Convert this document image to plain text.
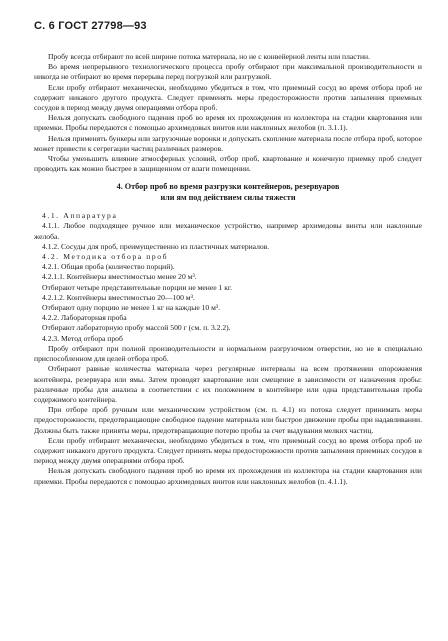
С. 6 ГОСТ 27798—93

Пробу всегда отбирают по всей ширине потока материала, но не с конвейерной ленты или пластин.

Во время непрерывного технологического процесса пробу отбирают при максимальной производительности и никогда не отбирают во время перерыва перед погрузкой или разгрузкой.

Если пробу отбирают механически, необходимо убедиться в том, что приемный сосуд во время отбора проб не содержит никакого другого продукта. Следует применять меры предосторожности против запыления приемных сосудов в период между двумя операциями отбора проб.

Нельзя допускать свободного падения проб во время их прохождения из коллектора на стадии квартования или приемки. Пробы передаются с помощью архимедовых винтов или наклонных желобов (п. 3.1.1).

Нельзя применять бункеры или загрузочные воронки и допускать скопление материала после отбора проб, которое может привести к сегрегации частиц различных размеров.

Чтобы уменьшить влияние атмосферных условий, отбор проб, квартование и конечную приемку проб следует проводить как можно быстрее в защищенном от влаги помещении.

4. Отбор проб во время разгрузки контейнеров, резервуаров
или ям под действием силы тяжести

4.1. Аппаратура

4.1.1. Любое подходящее ручное или механическое устройство, например архимедовы винты или наклонные желоба.

4.1.2. Сосуды для проб, преимущественно из пластичных материалов.

4.2. Методика отбора проб

4.2.1. Общая проба (количество порций).

4.2.1.1. Контейнеры вместимостью менее 20 м³.

Отбирают четыре представительные порции не менее 1 кг.

4.2.1.2. Контейнеры вместимостью 20—100 м³.

Отбирают одну порцию не менее 1 кг на каждые 10 м³.

4.2.2. Лабораторная проба

Отбирают лабораторную пробу массой 500 г (см. п. 3.2.2).

4.2.3. Метод отбора проб

Пробу отбирают при полной производительности и нормальном разгрузочном отверстии, но не в специально приспособленном для целей отбора проб.

Отбирают равные количества материала через регулярные интервалы на всем протяжении опорожнения контейнера, резервуара или ямы. Затем проводят квартование или смещение в зависимости от назначения пробы: различные пробы для анализа в соответствии с их положением в контейнере или одна представительная проба содержимого контейнера.

При отборе проб ручным или механическим устройством (см. п. 4.1) из потока следует принимать меры предосторожности, предотвращающие свободное падение материала или быстрое движение пробы при надавливании. Должны быть также приняты меры, предотвращающие потерю пробы за счет выдувания мелких частиц.

Если пробу отбирают механически, необходимо убедиться в том, что приемный сосуд во время отбора проб не содержит никакого другого продукта. Следует принять меры предосторожности против запыления приемных сосудов в период между двумя операциями отбора проб.

Нельзя допускать свободного падения проб во время их прохождения из коллектора на стадии квартования или приемки. Пробы передаются с помощью архимедовых винтов или наклонных желобов (п. 4.1.1).
